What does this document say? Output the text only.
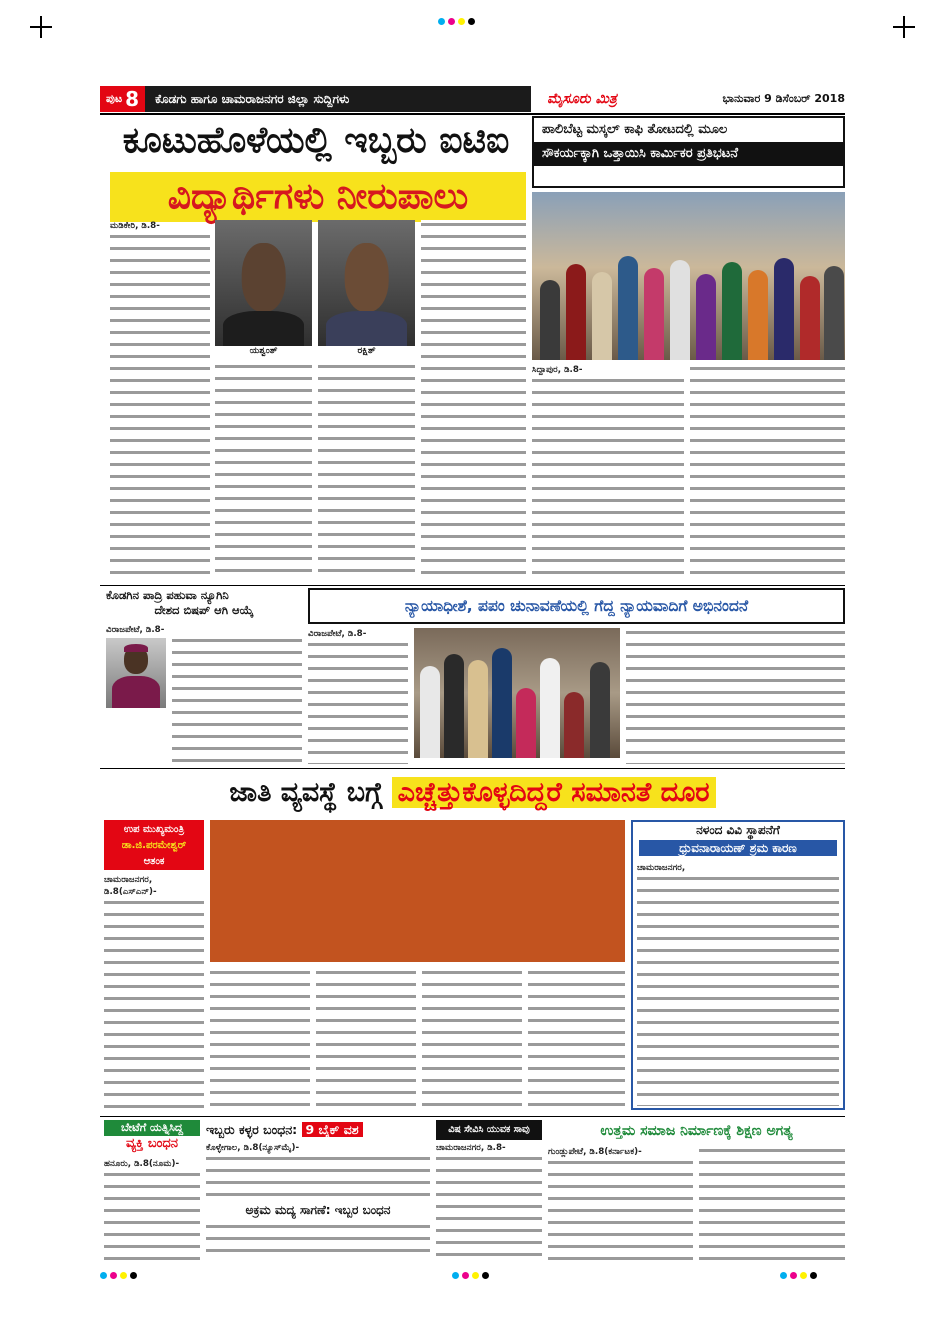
ಪುಟ 8	ಕೊಡಗು ಹಾಗೂ ಚಾಮರಾಜನಗರ ಜಿಲ್ಲಾ ಸುದ್ದಿಗಳು	ಮೈಸೂರು ಮಿತ್ರ	ಭಾನುವಾರ 9 ಡಿಸೆಂಬರ್ 2018
ಕೂಟುಹೊಳೆಯಲ್ಲಿ ಇಬ್ಬರು ಐಟಿಐ
ವಿದ್ಯಾರ್ಥಿಗಳು ನೀರುಪಾಲು
ಮಡಿಕೇರಿ, ಡಿ.8-
ಯಶ್ವಂತ್	ರಕ್ಷಿತ್
ಪಾಲಿಬೆಟ್ಟ ಮಸ್ಕಲ್ ಕಾಫಿ ತೋಟದಲ್ಲಿ ಮೂಲ
ಸೌಕರ್ಯಕ್ಕಾಗಿ ಒತ್ತಾಯಿಸಿ ಕಾರ್ಮಿಕರ ಪ್ರತಿಭಟನೆ
ಸಿದ್ದಾಪುರ, ಡಿ.8-
ಕೊಡಗಿನ ಪಾದ್ರಿ ಪಹುವಾ ನ್ಯೂಗಿನಿ
ದೇಶದ ಬಿಷಪ್ ಆಗಿ ಆಯ್ಕೆ
ವಿರಾಜಪೇಟೆ, ಡಿ.8-
ನ್ಯಾಯಾಧೀಶೆ, ಪಪಂ ಚುನಾವಣೆಯಲ್ಲಿ ಗೆದ್ದ ನ್ಯಾಯವಾದಿಗೆ ಅಭಿನಂದನೆ
ವಿರಾಜಪೇಟೆ, ಡಿ.8-
ಜಾತಿ ವ್ಯವಸ್ಥೆ ಬಗ್ಗೆ ಎಚ್ಚೆತ್ತುಕೊಳ್ಳದಿದ್ದರೆ ಸಮಾನತೆ ದೂರ
ಉಪ ಮುಖ್ಯಮಂತ್ರಿ
ಡಾ.ಜಿ.ಪರಮೇಶ್ವರ್
ಆತಂಕ
ಚಾಮರಾಜನಗರ, ಡಿ.8(ಎಸ್‌ಎನ್)-
ನಳಂದ ವಿವಿ ಸ್ಥಾಪನೆಗೆ
ಧ್ರುವನಾರಾಯಣ್ ಶ್ರಮ ಕಾರಣ
ಚಾಮರಾಜನಗರ,
ಬೇಟೆಗೆ ಯತ್ನಿಸಿದ್ದ
ವ್ಯಕ್ತಿ ಬಂಧನ
ಹನೂರು, ಡಿ.8(ನೂಮ)-
ಇಬ್ಬರು ಕಳ್ಳರ ಬಂಧನ: 9 ಬೈಕ್ ವಶ
ಕೊಳ್ಳೇಗಾಲ, ಡಿ.8(ನ್ಯೂಸ್‌ಮೈ)-
ಅಕ್ರಮ ಮದ್ಯ ಸಾಗಣೆ: ಇಬ್ಬರ ಬಂಧನ
ವಿಷ ಸೇವಿಸಿ ಯುವಕ ಸಾವು
ಚಾಮರಾಜನಗರ, ಡಿ.8-
ಉತ್ತಮ ಸಮಾಜ ನಿರ್ಮಾಣಕ್ಕೆ ಶಿಕ್ಷಣ ಅಗತ್ಯ
ಗುಂಡ್ಲುಪೇಟೆ, ಡಿ.8(ಕರ್ನಾಟಕ)-
